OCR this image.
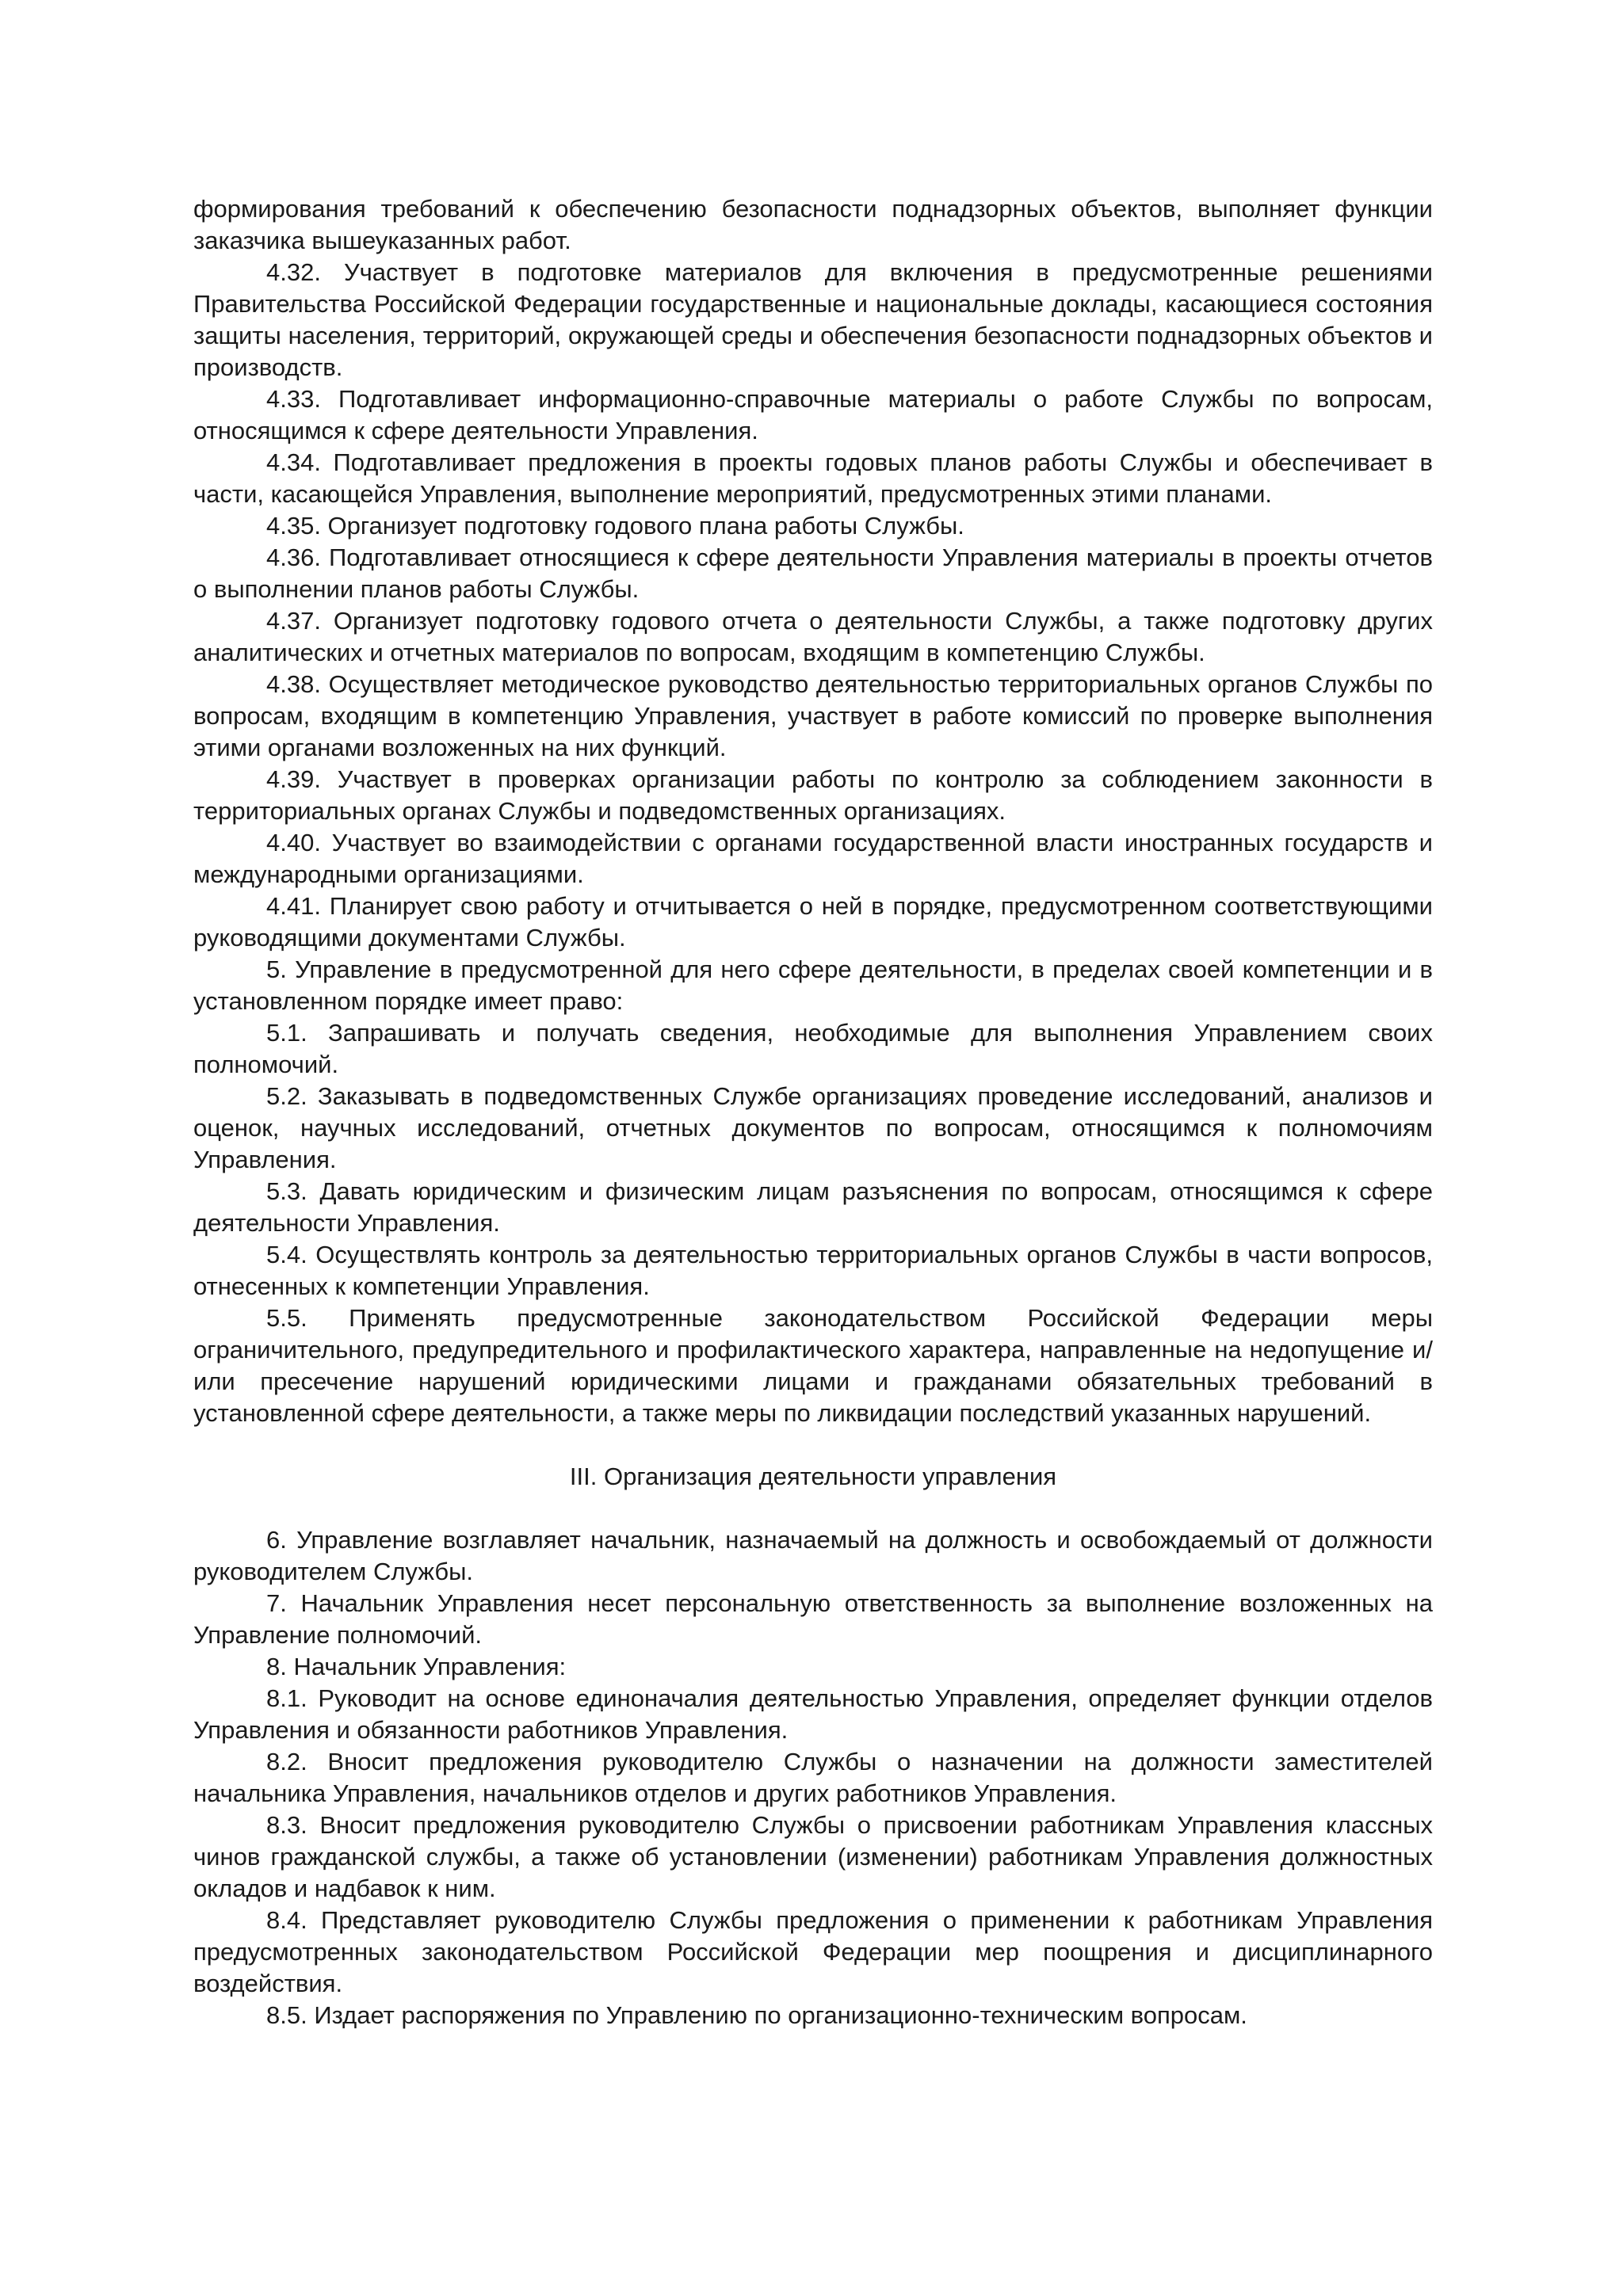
формирования требований к обеспечению безопасности поднадзорных объектов, выполняет функции заказчика вышеуказанных работ.

4.32. Участвует в подготовке материалов для включения в предусмотренные решениями Правительства Российской Федерации государственные и национальные доклады, касающиеся состояния защиты населения, территорий, окружающей среды и обеспечения безопасности поднадзорных объектов и производств.

4.33. Подготавливает информационно-справочные материалы о работе Службы по вопросам, относящимся к сфере деятельности Управления.

4.34. Подготавливает предложения в проекты годовых планов работы Службы и обеспечивает в части, касающейся Управления, выполнение мероприятий, предусмотренных этими планами.

4.35. Организует подготовку годового плана работы Службы.

4.36. Подготавливает относящиеся к сфере деятельности Управления материалы в проекты отчетов о выполнении планов работы Службы.

4.37. Организует подготовку годового отчета о деятельности Службы, а также подготовку других аналитических и отчетных материалов по вопросам, входящим в компетенцию Службы.

4.38. Осуществляет методическое руководство деятельностью территориальных органов Службы по вопросам, входящим в компетенцию Управления, участвует в работе комиссий по проверке выполнения этими органами возложенных на них функций.

4.39. Участвует в проверках организации работы по контролю за соблюдением законности в территориальных органах Службы и подведомственных организациях.

4.40. Участвует во взаимодействии с органами государственной власти иностранных государств и международными организациями.

4.41. Планирует свою работу и отчитывается о ней в порядке, предусмотренном соответствующими руководящими документами Службы.

5. Управление в предусмотренной для него сфере деятельности, в пределах своей компетенции и в установленном порядке имеет право:

5.1. Запрашивать и получать сведения, необходимые для выполнения Управлением своих полномочий.

5.2. Заказывать в подведомственных Службе организациях проведение исследований, анализов и оценок, научных исследований, отчетных документов по вопросам, относящимся к полномочиям Управления.

5.3. Давать юридическим и физическим лицам разъяснения по вопросам, относящимся к сфере деятельности Управления.

5.4. Осуществлять контроль за деятельностью территориальных органов Службы в части вопросов, отнесенных к компетенции Управления.

5.5. Применять предусмотренные законодательством Российской Федерации меры ограничительного, предупредительного и профилактического характера, направленные на недопущение и/или пресечение нарушений юридическими лицами и гражданами обязательных требований в установленной сфере деятельности, а также меры по ликвидации последствий указанных нарушений.

III. Организация деятельности управления

6. Управление возглавляет начальник, назначаемый на должность и освобождаемый от должности руководителем Службы.

7. Начальник Управления несет персональную ответственность за выполнение возложенных на Управление полномочий.

8. Начальник Управления:

8.1. Руководит на основе единоначалия деятельностью Управления, определяет функции отделов Управления и обязанности работников Управления.

8.2. Вносит предложения руководителю Службы о назначении на должности заместителей начальника Управления, начальников отделов и других работников Управления.

8.3. Вносит предложения руководителю Службы о присвоении работникам Управления классных чинов гражданской службы, а также об установлении (изменении) работникам Управления должностных окладов и надбавок к ним.

8.4. Представляет руководителю Службы предложения о применении к работникам Управления предусмотренных законодательством Российской Федерации мер поощрения и дисциплинарного воздействия.

8.5. Издает распоряжения по Управлению по организационно-техническим вопросам.
